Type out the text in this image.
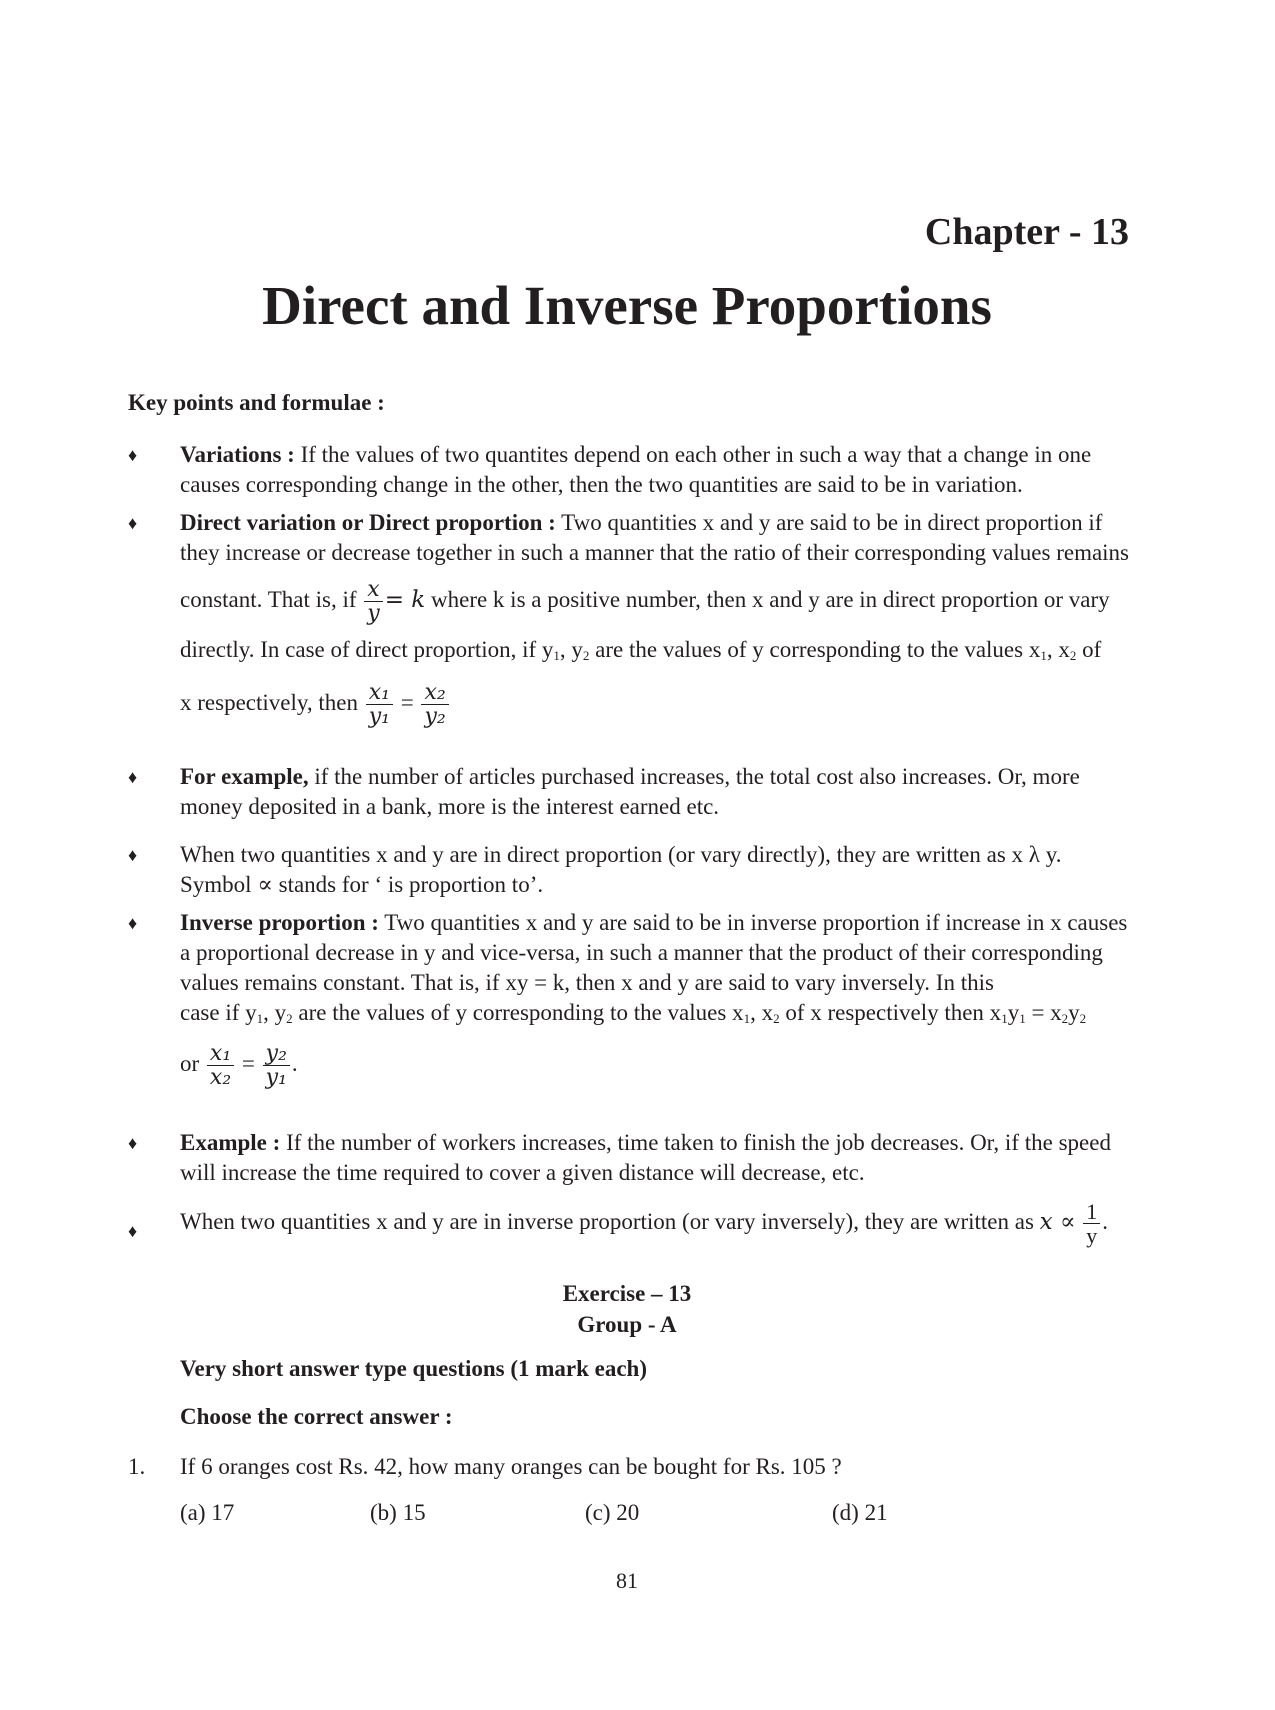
Chapter - 13
Direct and Inverse Proportions

Key points and formulae :

♦	Variations : If the values of two quantites depend on each other in such a way that a change in one causes corresponding change in the other, then the two quantities are said to be in variation.
♦	Direct variation or Direct proportion : Two quantities x and y are said to be in direct proportion if they increase or decrease together in such a manner that the ratio of their corresponding values remains
constant. That is, if $\frac{x}{y} = k$ where k is a positive number, then x and y are in direct proportion or vary
directly. In case of direct proportion, if $y_1$, $y_2$ are the values of y corresponding to the values $x_1$, $x_2$ of
x respectively, then $\frac{\text{x₁}}{\text{y₁}} = \frac{\text{x₂}}{\text{y₂}}$
♦	For example, if the number of articles purchased increases, the total cost also increases. Or, more money deposited in a bank, more is the interest earned etc.
♦	When two quantities x and y are in direct proportion (or vary directly), they are written as x λ y. Symbol ∝ stands for ‘ is proportion to’.
♦	Inverse proportion : Two quantities x and y are said to be in inverse proportion if increase in x causes a proportional decrease in y and vice-versa, in such a manner that the product of their corresponding values remains constant. That is, if xy = k, then x and y are said to vary inversely. In this
case if $y_1$, $y_2$ are the values of y corresponding to the values $x_1$, $x_2$ of x respectively then $x_1y_1 = x_2y_2$
or $\frac{\text{x₁}}{\text{x₂}} = \frac{\text{y₂}}{\text{y₁}}$ .
♦	Example : If the number of workers increases, time taken to finish the job decreases. Or, if the speed will increase the time required to cover a given distance will decrease, etc.
♦	When two quantities x and y are in inverse proportion (or vary inversely), they are written as $x \propto \frac{1}{y}$ .
Exercise – 13
Group - A
Very short answer type questions (1 mark each)
Choose the correct answer :
1. If 6 oranges cost Rs. 42, how many oranges can be bought for Rs. 105 ?
(a) 17	(b) 15	(c) 20	(d) 21
81
